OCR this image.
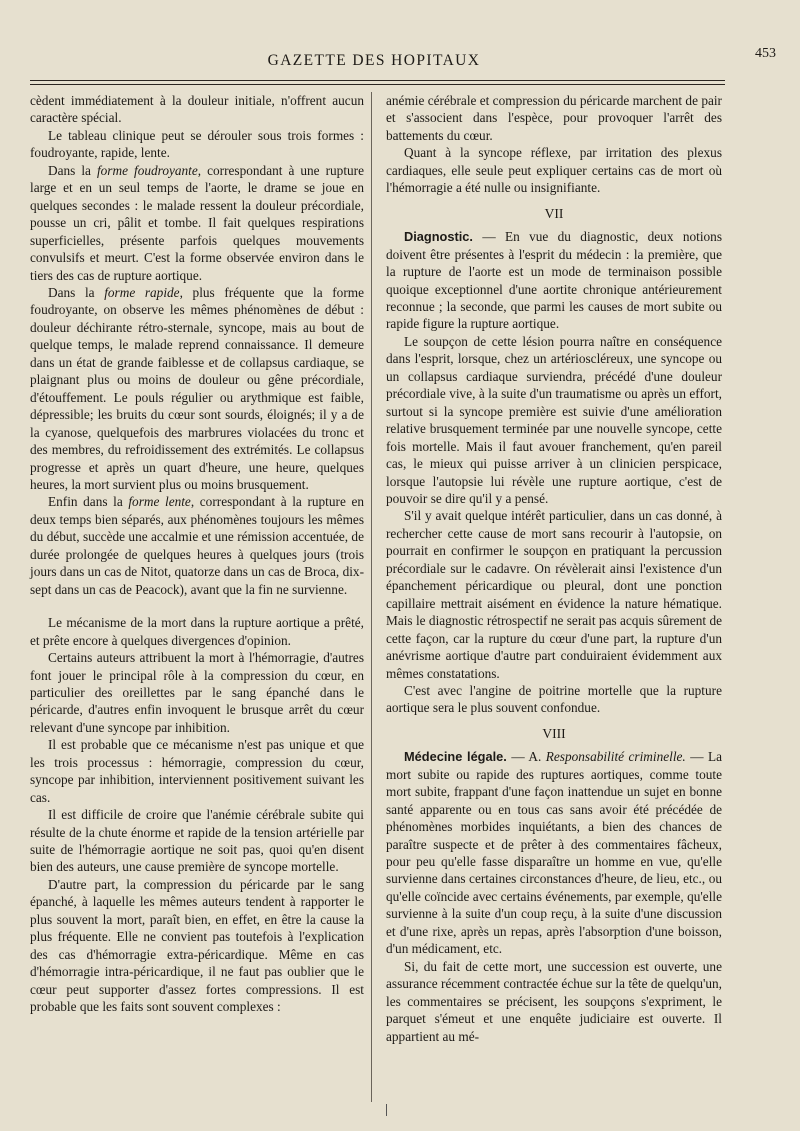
GAZETTE DES HOPITAUX	453

cèdent immédiatement à la douleur initiale, n'offrent aucun caractère spécial.

Le tableau clinique peut se dérouler sous trois formes : foudroyante, rapide, lente.

Dans la forme foudroyante, correspondant à une rupture large et en un seul temps de l'aorte, le drame se joue en quelques secondes : le malade ressent la douleur précordiale, pousse un cri, pâlit et tombe. Il fait quelques respirations superficielles, présente parfois quelques mouvements convulsifs et meurt. C'est la forme observée environ dans le tiers des cas de rupture aortique.

Dans la forme rapide, plus fréquente que la forme foudroyante, on observe les mêmes phénomènes de début : douleur déchirante rétro-sternale, syncope, mais au bout de quelque temps, le malade reprend connaissance. Il demeure dans un état de grande faiblesse et de collapsus cardiaque, se plaignant plus ou moins de douleur ou gêne précordiale, d'étouffement. Le pouls régulier ou arythmique est faible, dépressible; les bruits du cœur sont sourds, éloignés; il y a de la cyanose, quelquefois des marbrures violacées du tronc et des membres, du refroidissement des extrémités. Le collapsus progresse et après un quart d'heure, une heure, quelques heures, la mort survient plus ou moins brusquement.

Enfin dans la forme lente, correspondant à la rupture en deux temps bien séparés, aux phénomènes toujours les mêmes du début, succède une accalmie et une rémission accentuée, de durée prolongée de quelques heures à quelques jours (trois jours dans un cas de Nitot, quatorze dans un cas de Broca, dix-sept dans un cas de Peacock), avant que la fin ne survienne.

Le mécanisme de la mort dans la rupture aortique a prêté, et prête encore à quelques divergences d'opinion.

Certains auteurs attribuent la mort à l'hémorragie, d'autres font jouer le principal rôle à la compression du cœur, en particulier des oreillettes par le sang épanché dans le péricarde, d'autres enfin invoquent le brusque arrêt du cœur relevant d'une syncope par inhibition.

Il est probable que ce mécanisme n'est pas unique et que les trois processus : hémorragie, compression du cœur, syncope par inhibition, interviennent positivement suivant les cas.

Il est difficile de croire que l'anémie cérébrale subite qui résulte de la chute énorme et rapide de la tension artérielle par suite de l'hémorragie aortique ne soit pas, quoi qu'en disent bien des auteurs, une cause première de syncope mortelle.

D'autre part, la compression du péricarde par le sang épanché, à laquelle les mêmes auteurs tendent à rapporter le plus souvent la mort, paraît bien, en effet, en être la cause la plus fréquente. Elle ne convient pas toutefois à l'explication des cas d'hémorragie extra-péricardique. Même en cas d'hémorragie intra-péricardique, il ne faut pas oublier que le cœur peut supporter d'assez fortes compressions. Il est probable que les faits sont souvent complexes :

anémie cérébrale et compression du péricarde marchent de pair et s'associent dans l'espèce, pour provoquer l'arrêt des battements du cœur.

Quant à la syncope réflexe, par irritation des plexus cardiaques, elle seule peut expliquer certains cas de mort où l'hémorragie a été nulle ou insignifiante.

VII

Diagnostic. — En vue du diagnostic, deux notions doivent être présentes à l'esprit du médecin : la première, que la rupture de l'aorte est un mode de terminaison possible quoique exceptionnel d'une aortite chronique antérieurement reconnue ; la seconde, que parmi les causes de mort subite ou rapide figure la rupture aortique.

Le soupçon de cette lésion pourra naître en conséquence dans l'esprit, lorsque, chez un artérioscléreux, une syncope ou un collapsus cardiaque surviendra, précédé d'une douleur précordiale vive, à la suite d'un traumatisme ou après un effort, surtout si la syncope première est suivie d'une amélioration relative brusquement terminée par une nouvelle syncope, cette fois mortelle. Mais il faut avouer franchement, qu'en pareil cas, le mieux qui puisse arriver à un clinicien perspicace, lorsque l'autopsie lui révèle une rupture aortique, c'est de pouvoir se dire qu'il y a pensé.

S'il y avait quelque intérêt particulier, dans un cas donné, à rechercher cette cause de mort sans recourir à l'autopsie, on pourrait en confirmer le soupçon en pratiquant la percussion précordiale sur le cadavre. On révèlerait ainsi l'existence d'un épanchement péricardique ou pleural, dont une ponction capillaire mettrait aisément en évidence la nature hématique. Mais le diagnostic rétrospectif ne serait pas acquis sûrement de cette façon, car la rupture du cœur d'une part, la rupture d'un anévrisme aortique d'autre part conduiraient évidemment aux mêmes constatations.

C'est avec l'angine de poitrine mortelle que la rupture aortique sera le plus souvent confondue.

VIII

Médecine légale. — A. Responsabilité criminelle. — La mort subite ou rapide des ruptures aortiques, comme toute mort subite, frappant d'une façon inattendue un sujet en bonne santé apparente ou en tous cas sans avoir été précédée de phénomènes morbides inquiétants, a bien des chances de paraître suspecte et de prêter à des commentaires fâcheux, pour peu qu'elle fasse disparaître un homme en vue, qu'elle survienne dans certaines circonstances d'heure, de lieu, etc., ou qu'elle coïncide avec certains événements, par exemple, qu'elle survienne à la suite d'un coup reçu, à la suite d'une discussion et d'une rixe, après un repas, après l'absorption d'une boisson, d'un médicament, etc.

Si, du fait de cette mort, une succession est ouverte, une assurance récemment contractée échue sur la tête de quelqu'un, les commentaires se précisent, les soupçons s'expriment, le parquet s'émeut et une enquête judiciaire est ouverte. Il appartient au mé-
